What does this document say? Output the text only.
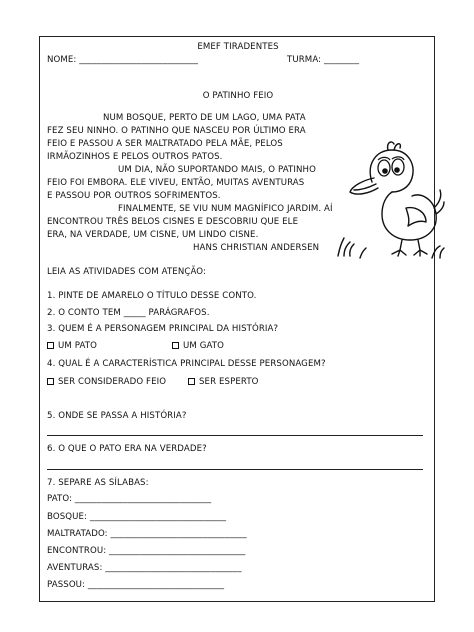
EMEF TIRADENTES
NOME: ___________________________	TURMA: ________
O PATINHO FEIO
NUM BOSQUE, PERTO DE UM LAGO, UMA PATA
FEZ SEU NINHO. O PATINHO QUE NASCEU POR ÚLTIMO ERA
FEIO E PASSOU A SER MALTRATADO PELA MÃE, PELOS
IRMÃOZINHOS E PELOS OUTROS PATOS.
UM DIA, NÃO SUPORTANDO MAIS, O PATINHO
FEIO FOI EMBORA. ELE VIVEU, ENTÃO, MUITAS AVENTURAS
E PASSOU POR OUTROS SOFRIMENTOS.
FINALMENTE, SE VIU NUM MAGNÍFICO JARDIM. AÍ
ENCONTROU TRÊS BELOS CISNES E DESCOBRIU QUE ELE
ERA, NA VERDADE, UM CISNE, UM LINDO CISNE.
HANS CHRISTIAN ANDERSEN
LEIA AS ATIVIDADES COM ATENÇÃO:
1. PINTE DE AMARELO O TÍTULO DESSE CONTO.
2. O CONTO TEM _____ PARÁGRAFOS.
3. QUEM É A PERSONAGEM PRINCIPAL DA HISTÓRIA?
UM PATO	UM GATO
4. QUAL É A CARACTERÍSTICA PRINCIPAL DESSE PERSONAGEM?
SER CONSIDERADO FEIO	SER ESPERTO
5. ONDE SE PASSA A HISTÓRIA?
6. O QUE O PATO ERA NA VERDADE?
7. SEPARE AS SÍLABAS:
PATO: _______________________________
BOSQUE: _______________________________
MALTRATADO: _______________________________
ENCONTROU: _______________________________
AVENTURAS: _______________________________
PASSOU: _______________________________
